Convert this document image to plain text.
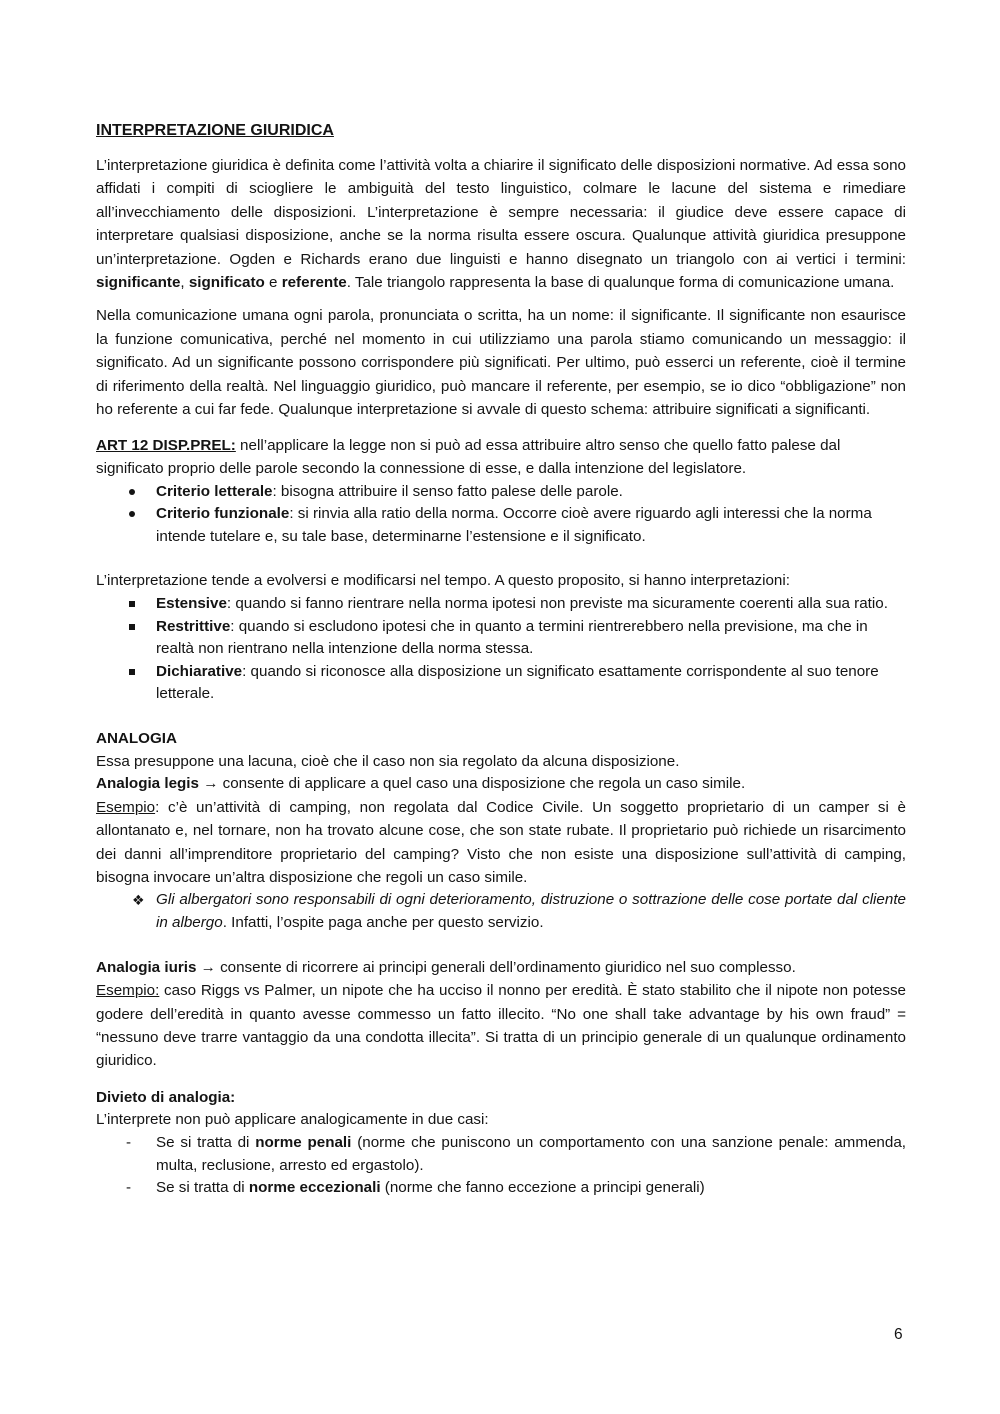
INTERPRETAZIONE GIURIDICA

L’interpretazione giuridica è definita come l’attività volta a chiarire il significato delle disposizioni normative. Ad essa sono affidati i compiti di sciogliere le ambiguità del testo linguistico, colmare le lacune del sistema e rimediare all’invecchiamento delle disposizioni. L’interpretazione è sempre necessaria: il giudice deve essere capace di interpretare qualsiasi disposizione, anche se la norma risulta essere oscura. Qualunque attività giuridica presuppone un’interpretazione. Ogden e Richards erano due linguisti e hanno disegnato un triangolo con ai vertici i termini: significante, significato e referente. Tale triangolo rappresenta la base di qualunque forma di comunicazione umana.

Nella comunicazione umana ogni parola, pronunciata o scritta, ha un nome: il significante. Il significante non esaurisce la funzione comunicativa, perché nel momento in cui utilizziamo una parola stiamo comunicando un messaggio: il significato. Ad un significante possono corrispondere più significati. Per ultimo, può esserci un referente, cioè il termine di riferimento della realtà. Nel linguaggio giuridico, può mancare il referente, per esempio, se io dico “obbligazione” non ho referente a cui far fede. Qualunque interpretazione si avvale di questo schema: attribuire significati a significanti.

ART 12 DISP.PREL: nell’applicare la legge non si può ad essa attribuire altro senso che quello fatto palese dal significato proprio delle parole secondo la connessione di esse, e dalla intenzione del legislatore.

Criterio letterale: bisogna attribuire il senso fatto palese delle parole.
Criterio funzionale: si rinvia alla ratio della norma. Occorre cioè avere riguardo agli interessi che la norma intende tutelare e, su tale base, determinarne l’estensione e il significato.

L’interpretazione tende a evolversi e modificarsi nel tempo. A questo proposito, si hanno interpretazioni:

Estensive: quando si fanno rientrare nella norma ipotesi non previste ma sicuramente coerenti alla sua ratio.
Restrittive: quando si escludono ipotesi che in quanto a termini rientrerebbero nella previsione, ma che in realtà non rientrano nella intenzione della norma stessa.
Dichiarative: quando si riconosce alla disposizione un significato esattamente corrispondente al suo tenore letterale.

ANALOGIA

Essa presuppone una lacuna, cioè che il caso non sia regolato da alcuna disposizione.

Analogia legis → consente di applicare a quel caso una disposizione che regola un caso simile.

Esempio: c’è un’attività di camping, non regolata dal Codice Civile. Un soggetto proprietario di un camper si è allontanato e, nel tornare, non ha trovato alcune cose, che son state rubate. Il proprietario può richiede un risarcimento dei danni all’imprenditore proprietario del camping? Visto che non esiste una disposizione sull’attività di camping, bisogna invocare un’altra disposizione che regoli un caso simile.

❖ Gli albergatori sono responsabili di ogni deterioramento, distruzione o sottrazione delle cose portate dal cliente in albergo. Infatti, l’ospite paga anche per questo servizio.

Analogia iuris → consente di ricorrere ai principi generali dell’ordinamento giuridico nel suo complesso.

Esempio: caso Riggs vs Palmer, un nipote che ha ucciso il nonno per eredità. È stato stabilito che il nipote non potesse godere dell’eredità in quanto avesse commesso un fatto illecito. “No one shall take advantage by his own fraud” = “nessuno deve trarre vantaggio da una condotta illecita”. Si tratta di un principio generale di un qualunque ordinamento giuridico.

Divieto di analogia:

L’interprete non può applicare analogicamente in due casi:

- Se si tratta di norme penali (norme che puniscono un comportamento con una sanzione penale: ammenda, multa, reclusione, arresto ed ergastolo).
- Se si tratta di norme eccezionali (norme che fanno eccezione a principi generali)
6
